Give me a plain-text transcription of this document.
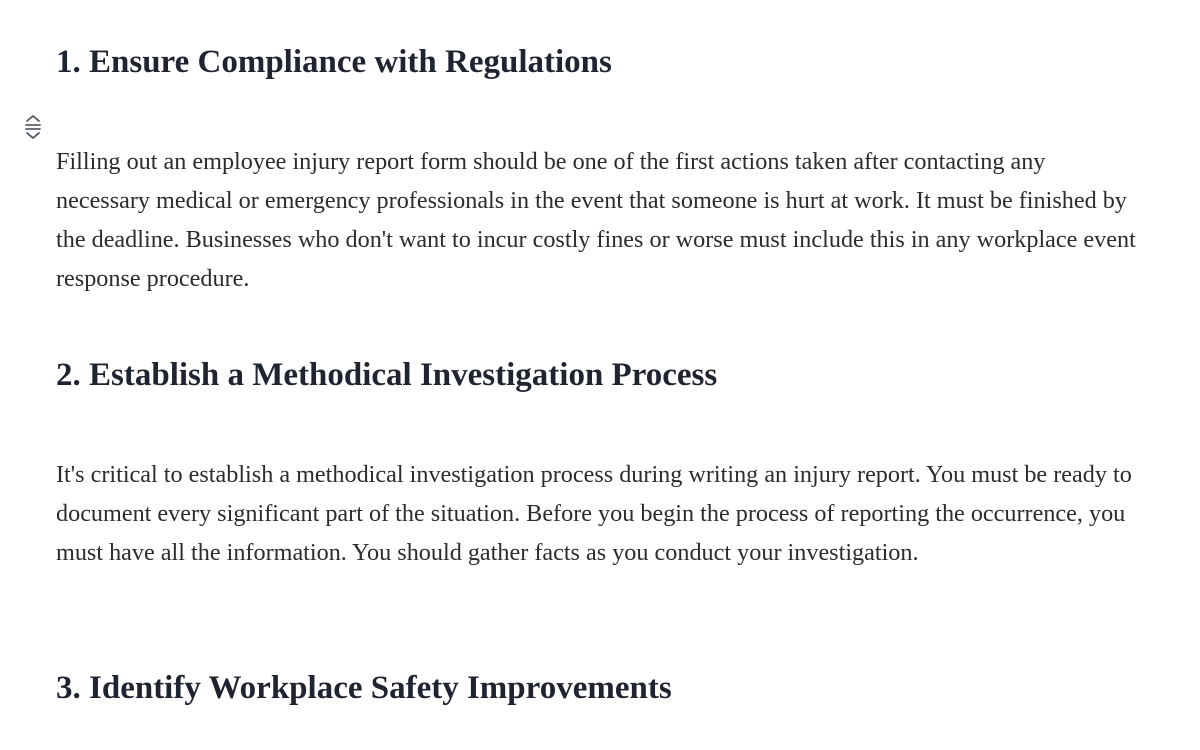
1. Ensure Compliance with Regulations

Filling out an employee injury report form should be one of the first actions taken after contacting any necessary medical or emergency professionals in the event that someone is hurt at work. It must be finished by the deadline. Businesses who don't want to incur costly fines or worse must include this in any workplace event response procedure.

2. Establish a Methodical Investigation Process

It's critical to establish a methodical investigation process during writing an injury report. You must be ready to document every significant part of the situation. Before you begin the process of reporting the occurrence, you must have all the information. You should gather facts as you conduct your investigation.

3. Identify Workplace Safety Improvements
